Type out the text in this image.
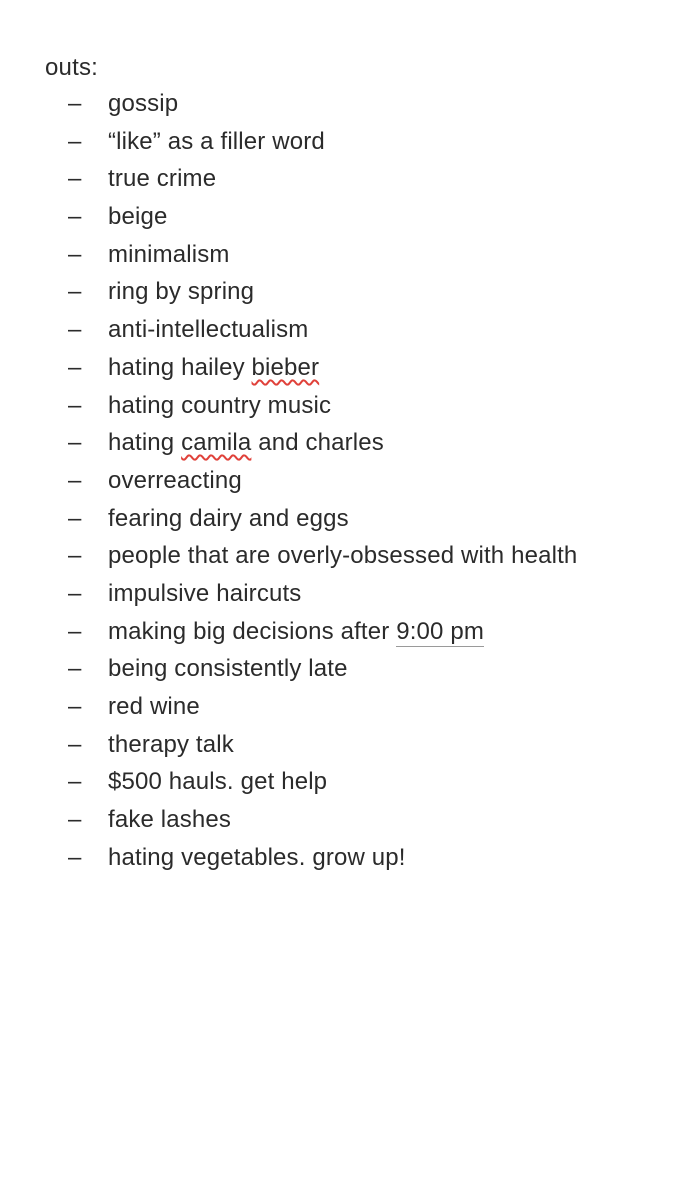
outs:
– gossip
– “like” as a filler word
– true crime
– beige
– minimalism
– ring by spring
– anti-intellectualism
– hating hailey bieber
– hating country music
– hating camila and charles
– overreacting
– fearing dairy and eggs
– people that are overly-obsessed with health
– impulsive haircuts
– making big decisions after 9:00 pm
– being consistently late
– red wine
– therapy talk
– $500 hauls. get help
– fake lashes
– hating vegetables. grow up!
